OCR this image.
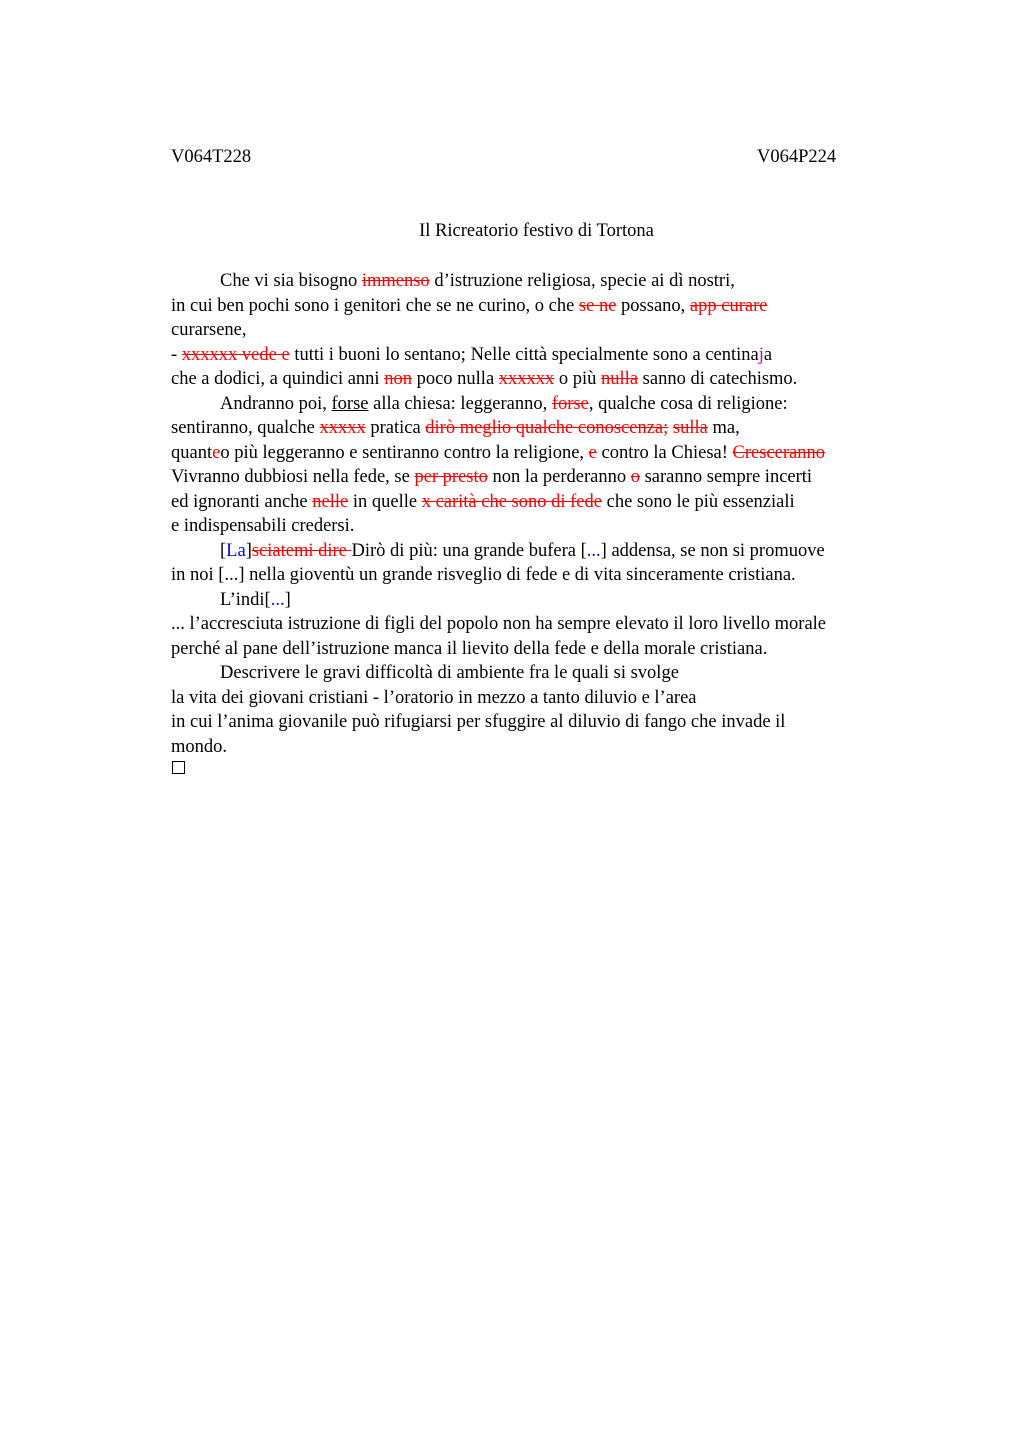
V064T228	V064P224
Il Ricreatorio festivo di Tortona
Che vi sia bisogno immenso d’istruzione religiosa, specie ai dì nostri,
in cui ben pochi sono i genitori che se ne curino, o che se ne possano, app curare
curarsene,
- xxxxxx vede e tutti i buoni lo sentano; Nelle città specialmente sono a centinaja
che a dodici, a quindici anni non poco nulla xxxxxx o più nulla sanno di catechismo.
Andranno poi, forse alla chiesa: leggeranno, forse, qualche cosa di religione:
sentiranno, qualche xxxxx pratica dirò meglio qualche conoscenza; sulla ma,
quanteo più leggeranno e sentiranno contro la religione, e contro la Chiesa! Cresceranno
Vivranno dubbiosi nella fede, se per presto non la perderanno o saranno sempre incerti
ed ignoranti anche nelle in quelle x carità che sono di fede che sono le più essenziali
e indispensabili credersi.
[La]sciatemi dire Dirò di più: una grande bufera [...] addensa, se non si promuove
in noi [...] nella gioventù un grande risveglio di fede e di vita sinceramente cristiana.
L’indi[...]
... l’accresciuta istruzione di figli del popolo non ha sempre elevato il loro livello morale
perché al pane dell’istruzione manca il lievito della fede e della morale cristiana.
Descrivere le gravi difficoltà di ambiente fra le quali si svolge
la vita dei giovani cristiani - l’oratorio in mezzo a tanto diluvio e l’area
in cui l’anima giovanile può rifugiarsi per sfuggire al diluvio di fango che invade il
mondo.
